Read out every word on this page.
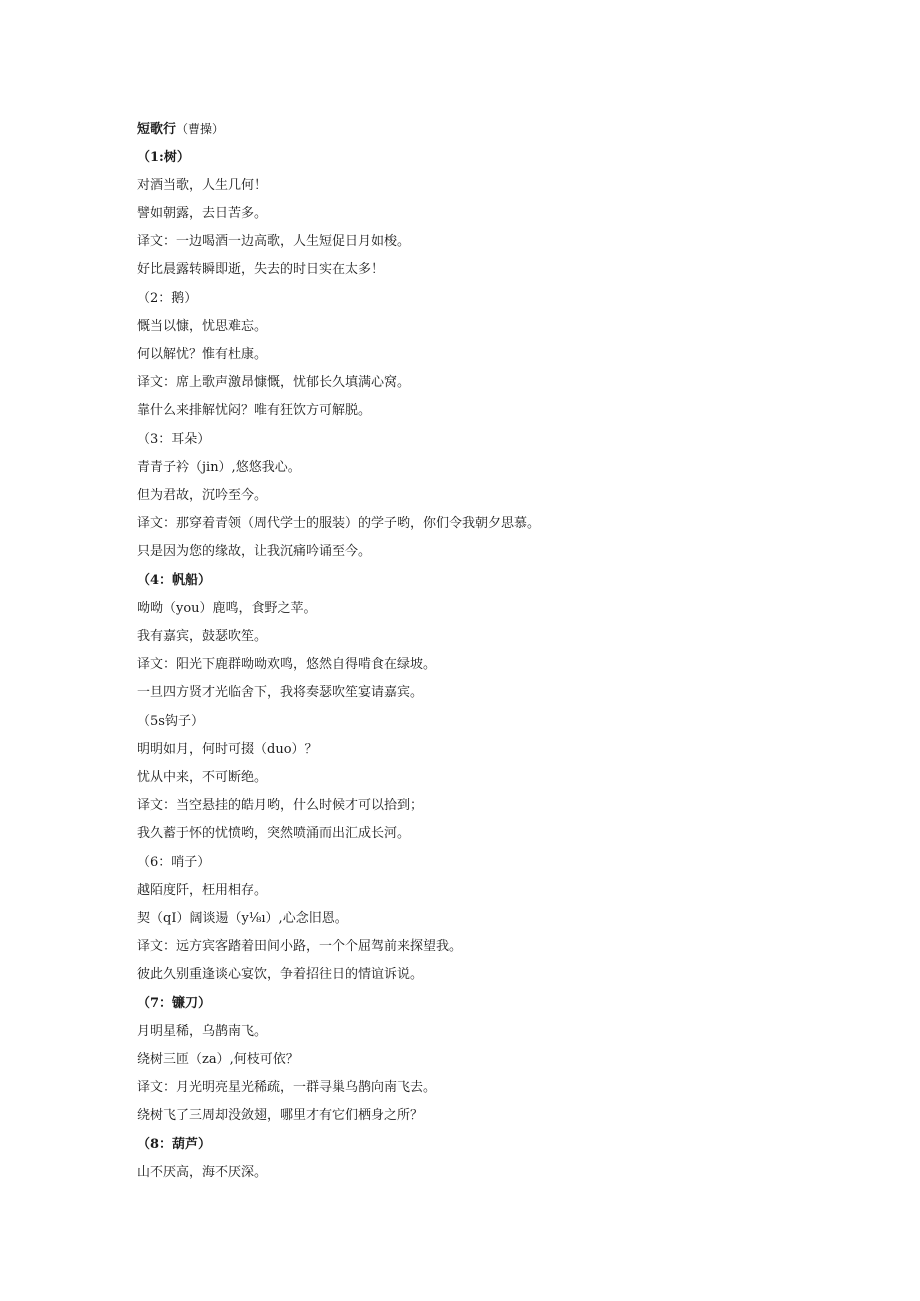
短歌行（曹操）
（1:树）
对酒当歌，人生几何！
譬如朝露，去日苦多。
译文：一边喝酒一边高歌，人生短促日月如梭。
好比晨露转瞬即逝，失去的时日实在太多！
（2：鹅）
慨当以慷，忧思难忘。
何以解忧？惟有杜康。
译文：席上歌声激昂慷慨，忧郁长久填满心窝。
靠什么来排解忧闷？唯有狂饮方可解脱。
（3：耳朵）
青青子衿（jin）,悠悠我心。
但为君故，沉吟至今。
译文：那穿着青领（周代学士的服装）的学子哟，你们令我朝夕思慕。
只是因为您的缘故，让我沉痛吟诵至今。
（4：帆船）
呦呦（you）鹿鸣，食野之苹。
我有嘉宾，鼓瑟吹笙。
译文：阳光下鹿群呦呦欢鸣，悠然自得啃食在绿坡。
一旦四方贤才光临舍下，我将奏瑟吹笙宴请嘉宾。
（5s钩子）
明明如月，何时可掇（duo）？
忧从中来，不可断绝。
译文：当空悬挂的皓月哟，什么时候才可以拾到；
我久蓄于怀的忧愤哟，突然喷涌而出汇成长河。
（6：哨子）
越陌度阡，枉用相存。
契（qI）阔谈逿（y⅛ı）,心念旧恩。
译文：远方宾客踏着田间小路，一个个屈驾前来探望我。
彼此久别重逢谈心宴饮，争着招往日的情谊诉说。
（7：镰刀）
月明星稀，乌鹊南飞。
绕树三匝（za）,何枝可依？
译文：月光明亮星光稀疏，一群寻巢乌鹊向南飞去。
绕树飞了三周却没敛翅，哪里才有它们栖身之所？
（8：葫芦）
山不厌高，海不厌深。
